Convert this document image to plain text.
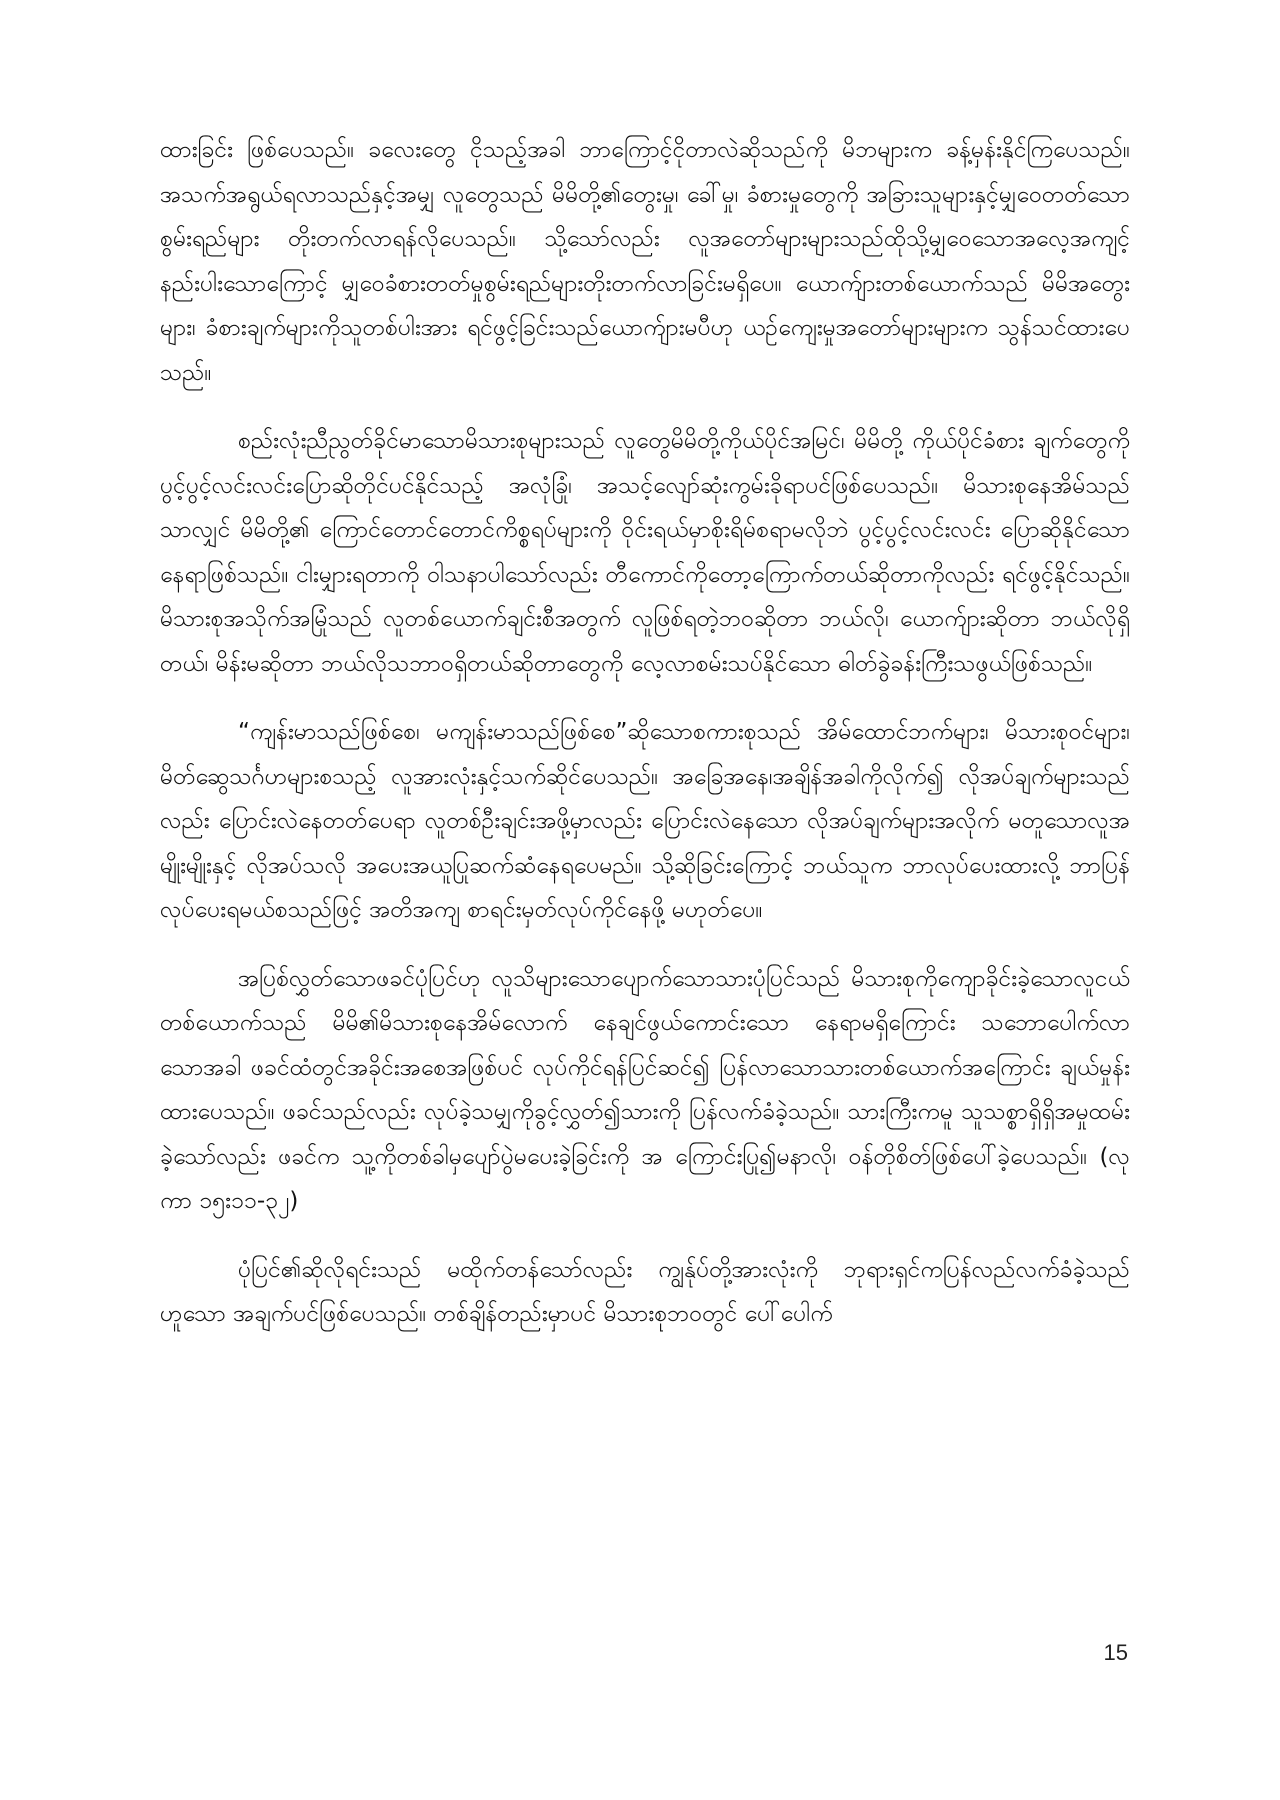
ထားခြင်း ဖြစ်ပေသည်။ ခလေးတွေ ငိုသည့်အခါ ဘာကြောင့်ငိုတာလဲဆိုသည်ကို မိဘများက ခန့်မှန်းနိုင်ကြပေသည်။ အသက်အရွယ်ရလာသည်နှင့်အမျှ လူတွေသည် မိမိတို့၏တွေးမှု၊ ခေါ်မှု၊ ခံစားမှုတွေကို အခြားသူများနှင့်မျှဝေတတ်သော စွမ်းရည်များ တိုးတက်လာရန်လိုပေသည်။ သို့သော်လည်း လူအတော်များများသည်ထိုသို့မျှဝေသောအလေ့အကျင့်နည်းပါးသောကြောင့် မျှဝေခံစားတတ်မှုစွမ်းရည်များတိုးတက်လာခြင်းမရှိပေ။ ယောက်ျားတစ်ယောက်သည် မိမိအတွေးများ၊ ခံစားချက်များကိုသူတစ်ပါးအား ရင်ဖွင့်ခြင်းသည်ယောက်ျားမပီဟု ယဉ်ကျေးမှုအတော်များများက သွန်သင်ထားပေသည်။

စည်းလုံးညီညွတ်ခိုင်မာသောမိသားစုများသည် လူတွေမိမိတို့ကိုယ်ပိုင်အမြင်၊ မိမိတို့ ကိုယ်ပိုင်ခံစား ချက်တွေကို ပွင့်ပွင့်လင်းလင်းပြောဆိုတိုင်ပင်နိုင်သည့် အလုံခြုံ၊ အသင့်လျော်ဆုံးကွမ်းခိုရာပင်ဖြစ်ပေသည်။ မိသားစုနေအိမ်သည်သာလျှင် မိမိတို့၏ ကြောင်တောင်တောင်ကိစ္စရပ်များကို ဝိုင်းရယ်မှာစိုးရိမ်စရာမလိုဘဲ ပွင့်ပွင့်လင်းလင်း ပြောဆိုနိုင်သော နေရာဖြစ်သည်။ ငါးမျှားရတာကို ဝါသနာပါသော်လည်း တီကောင်ကိုတော့ကြောက်တယ်ဆိုတာကိုလည်း ရင်ဖွင့်နိုင်သည်။ မိသားစုအသိုက်အမြုံသည် လူတစ်ယောက်ချင်းစီအတွက် လူဖြစ်ရတဲ့ဘဝဆိုတာ ဘယ်လို၊ ယောက်ျားဆိုတာ ဘယ်လိုရှိတယ်၊ မိန်းမဆိုတာ ဘယ်လိုသဘာဝရှိတယ်ဆိုတာတွေကို လေ့လာစမ်းသပ်နိုင်သော ဓါတ်ခွဲခန်းကြီးသဖွယ်ဖြစ်သည်။

“ကျန်းမာသည်ဖြစ်စေ၊ မကျန်းမာသည်ဖြစ်စေ”ဆိုသောစကားစုသည် အိမ်ထောင်ဘက်များ၊ မိသားစုဝင်များ၊ မိတ်ဆွေသင်္ဂဟများစသည့် လူအားလုံးနှင့်သက်ဆိုင်ပေသည်။ အခြေအနေ၊အချိန်အခါကိုလိုက်၍ လိုအပ်ချက်များသည်လည်း ပြောင်းလဲနေတတ်ပေရာ လူတစ်ဦးချင်းအဖို့မှာလည်း ပြောင်းလဲနေသော လိုအပ်ချက်များအလိုက် မတူသောလူအမျိုးမျိုးနှင့် လိုအပ်သလို အပေးအယူပြုဆက်ဆံနေရပေမည်။ သို့ဆိုခြင်းကြောင့် ဘယ်သူက ဘာလုပ်ပေးထားလို့ ဘာပြန်လုပ်ပေးရမယ်စသည်ဖြင့် အတိအကျ စာရင်းမှတ်လုပ်ကိုင်နေဖို့ မဟုတ်ပေ။

အပြစ်လွှတ်သောဖခင်ပုံပြင်ဟု လူသိများသောပျောက်သောသားပုံပြင်သည် မိသားစုကိုကျောခိုင်းခဲ့သောလူငယ်တစ်ယောက်သည် မိမိ၏မိသားစုနေအိမ်လောက် နေချင်ဖွယ်ကောင်းသော နေရာမရှိကြောင်း သဘောပေါက်လာသောအခါ ဖခင်ထံတွင်အခိုင်းအစေအဖြစ်ပင် လုပ်ကိုင်ရန်ပြင်ဆင်၍ ပြန်လာသောသားတစ်ယောက်အကြောင်း ချယ်မှုန်းထားပေသည်။ ဖခင်သည်လည်း လုပ်ခဲ့သမျှကိုခွင့်လွှတ်၍သားကို ပြန်လက်ခံခဲ့သည်။ သားကြီးကမူ သူသစ္စာရှိရှိအမှုထမ်းခဲ့သော်လည်း ဖခင်က သူ့ကိုတစ်ခါမှပျော်ပွဲမပေးခဲ့ခြင်းကို အ ကြောင်းပြု၍မနာလို၊ ဝန်တိုစိတ်ဖြစ်ပေါ်ခဲ့ပေသည်။ (လုကာ ၁၅း၁၁-၃၂)

ပုံပြင်၏ဆိုလိုရင်းသည် မထိုက်တန်သော်လည်း ကျွန်ုပ်တို့အားလုံးကို ဘုရားရှင်ကပြန်လည်လက်ခံခဲ့သည်ဟူသော အချက်ပင်ဖြစ်ပေသည်။ တစ်ချိန်တည်းမှာပင် မိသားစုဘဝတွင် ပေါ်ပေါက်

15
